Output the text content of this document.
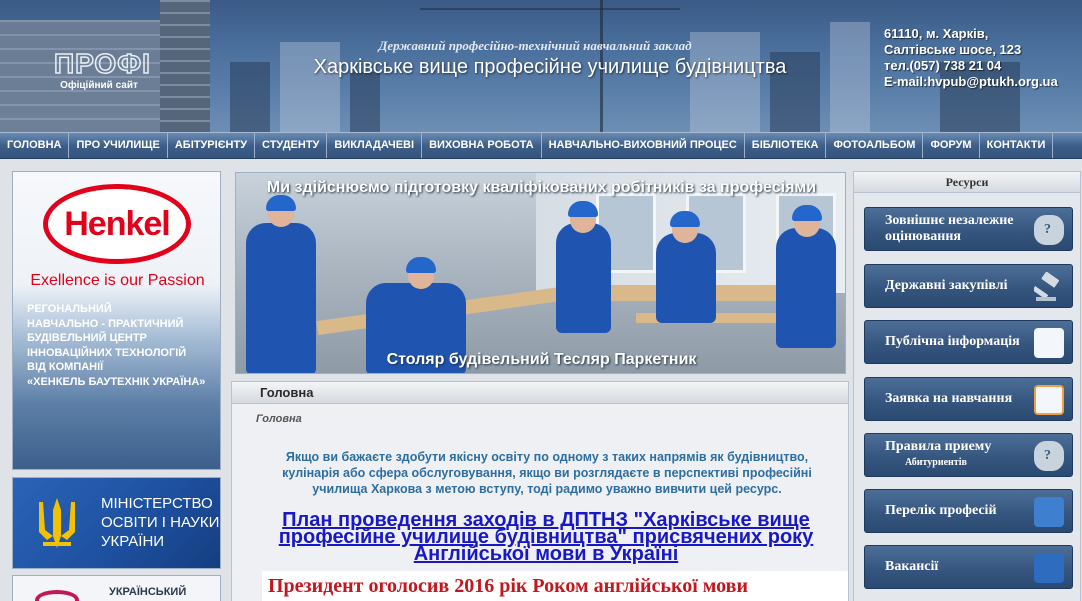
ПРОФІ
Офіційний сайт
Державний професійно-технічний навчальний заклад
Харківське вище професійне училище будівництва
61110, м. Харків,
Салтівське шосе, 123
тел.(057) 738 21 04
E-mail:hvpub@ptukh.org.ua
ГОЛОВНА	ПРО УЧИЛИЩЕ	АБІТУРІЄНТУ	СТУДЕНТУ	ВИКЛАДАЧЕВІ	ВИХОВНА РОБОТА	НАВЧАЛЬНО-ВИХОВНИЙ ПРОЦЕС	БІБЛІОТЕКА	ФОТОАЛЬБОМ	ФОРУМ	КОНТАКТИ
Henkel
Exellence is our Passion
РЕГОНАЛЬНИЙ
НАВЧАЛЬНО - ПРАКТИЧНИЙ
БУДІВЕЛЬНИЙ ЦЕНТР
ІННОВАЦІЙНИХ ТЕХНОЛОГІЙ
ВІД КОМПАНІЇ
«ХЕНКЕЛЬ БАУТЕХНІК УКРАЇНА»
МІНІСТЕРСТВО
ОСВІТИ І НАУКИ
УКРАЇНИ
УКРАЇНСЬКИЙ
Ми здійснюємо підготовку кваліфікованих робітників за професіями
Столяр будівельний Тесляр Паркетник
Головна
Головна
Якщо ви бажаєте здобути якісну освіту по одному з таких напрямів як будівництво, кулінарія або сфера обслуговування, якщо ви розглядаєте в перспективі професійні училища Харкова з метою вступу, тоді радимо уважно вивчити цей ресурс.
План проведення заходів в ДПТНЗ "Харківське вище професійне училище будівництва" присвячених року Англійської мови в Україні
Президент оголосив 2016 рік Роком англійської мови
Ресурси
Зовнішнє незалежне оцінювання
?
Державні закупівлі
Публічна інформація
Заявка на навчання
Правила приему
Абитуриентів
?
Перелік професій
Вакансії
